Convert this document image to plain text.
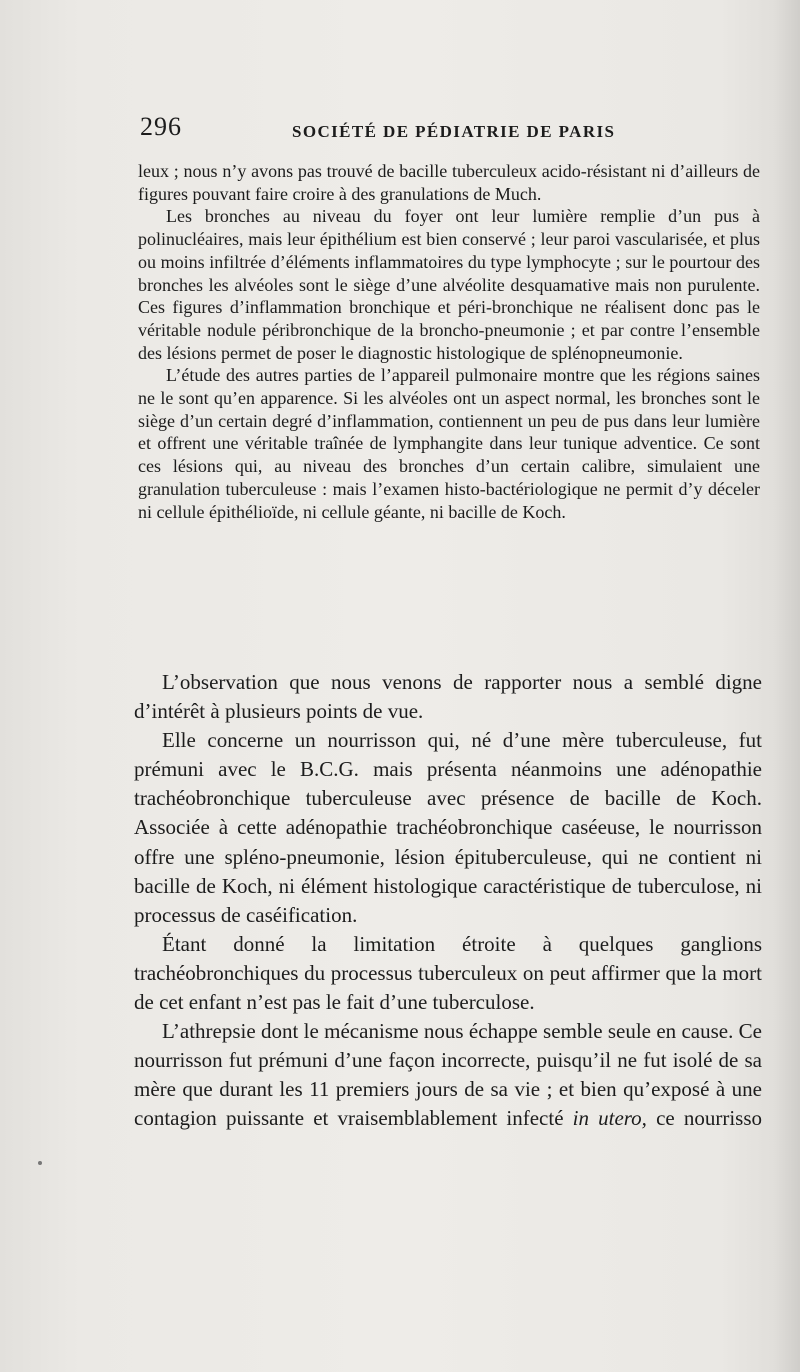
296	SOCIÉTÉ DE PÉDIATRIE DE PARIS

leux ; nous n’y avons pas trouvé de bacille tuberculeux acido-résistant ni d’ailleurs de figures pouvant faire croire à des granulations de Much.

Les bronches au niveau du foyer ont leur lumière remplie d’un pus à polinucléaires, mais leur épithélium est bien conservé ; leur paroi vascularisée, et plus ou moins infiltrée d’éléments inflammatoires du type lymphocyte ; sur le pourtour des bronches les alvéoles sont le siège d’une alvéolite desquamative mais non purulente. Ces figures d’inflammation bronchique et péri-bronchique ne réalisent donc pas le véritable nodule péribronchique de la broncho-pneumonie ; et par contre l’ensemble des lésions permet de poser le diagnostic histologique de splénopneumonie.

L’étude des autres parties de l’appareil pulmonaire montre que les régions saines ne le sont qu’en apparence. Si les alvéoles ont un aspect normal, les bronches sont le siège d’un certain degré d’inflammation, contiennent un peu de pus dans leur lumière et offrent une véritable traînée de lymphangite dans leur tunique adventice. Ce sont ces lésions qui, au niveau des bronches d’un certain calibre, simulaient une granulation tuberculeuse : mais l’examen histo-bactériologique ne permit d’y déceler ni cellule épithélioïde, ni cellule géante, ni bacille de Koch.

L’observation que nous venons de rapporter nous a semblé digne d’intérêt à plusieurs points de vue.

Elle concerne un nourrisson qui, né d’une mère tuberculeuse, fut prémuni avec le B.C.G. mais présenta néanmoins une adénopathie trachéobronchique tuberculeuse avec présence de bacille de Koch. Associée à cette adénopathie trachéobronchique caséeuse, le nourrisson offre une spléno-pneumonie, lésion épituberculeuse, qui ne contient ni bacille de Koch, ni élément histologique caractéristique de tuberculose, ni processus de caséification.

Étant donné la limitation étroite à quelques ganglions trachéobronchiques du processus tuberculeux on peut affirmer que la mort de cet enfant n’est pas le fait d’une tuberculose.

L’athrepsie dont le mécanisme nous échappe semble seule en cause. Ce nourrisson fut prémuni d’une façon incorrecte, puisqu’il ne fut isolé de sa mère que durant les 11 premiers jours de sa vie ; et bien qu’exposé à une contagion puissante et vraisemblablement infecté in utero, ce nourrisso
